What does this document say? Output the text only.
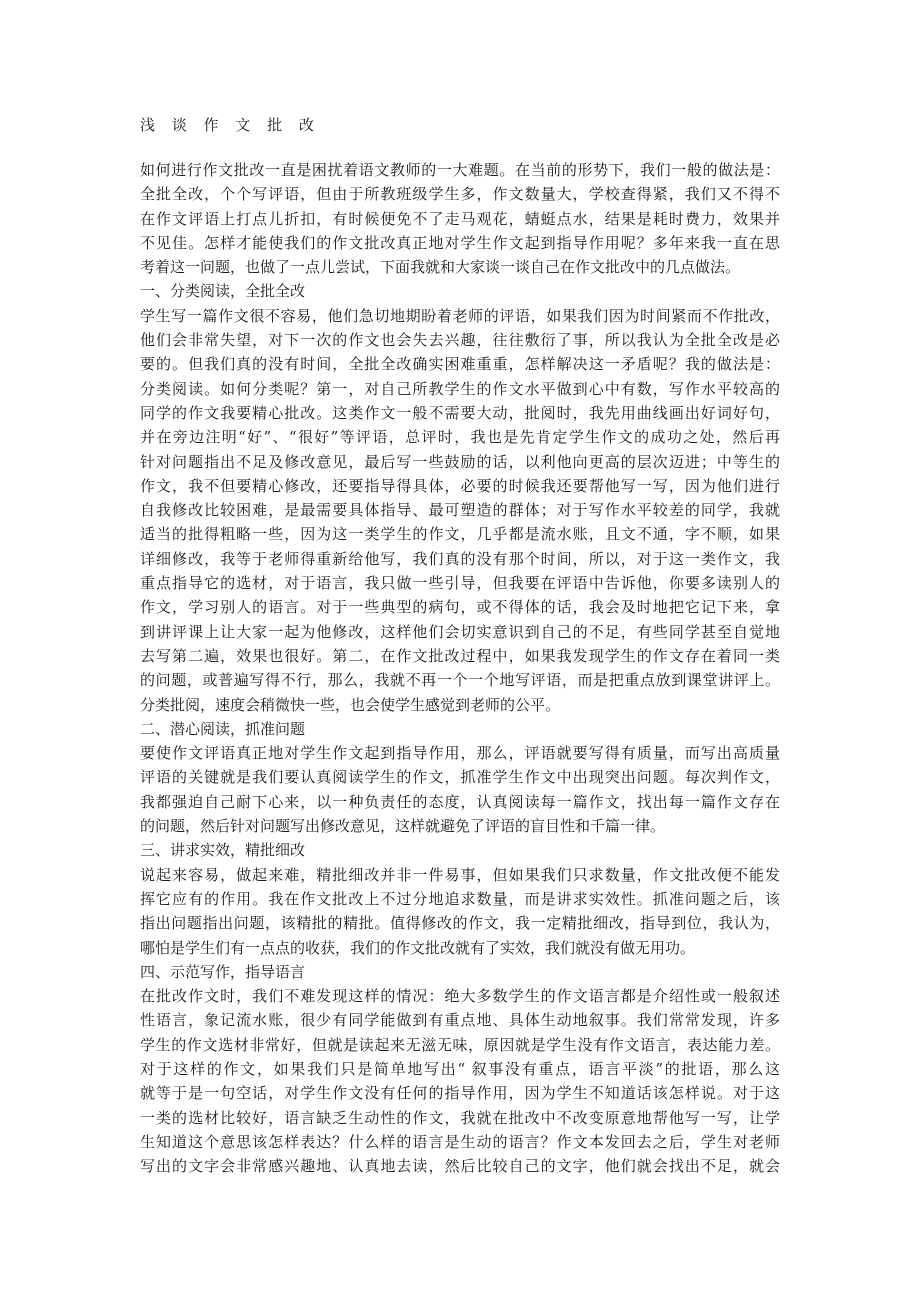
浅 谈 作 文 批 改
如何进行作文批改一直是困扰着语文教师的一大难题。在当前的形势下，我们一般的做法是：
全批全改，个个写评语，但由于所教班级学生多，作文数量大，学校查得紧，我们又不得不
在作文评语上打点儿折扣，有时候便免不了走马观花，蜻蜓点水，结果是耗时费力，效果并
不见佳。怎样才能使我们的作文批改真正地对学生作文起到指导作用呢？多年来我一直在思
考着这一问题，也做了一点儿尝试，下面我就和大家谈一谈自己在作文批改中的几点做法。
一、分类阅读，全批全改
学生写一篇作文很不容易，他们急切地期盼着老师的评语，如果我们因为时间紧而不作批改，
他们会非常失望，对下一次的作文也会失去兴趣，往往敷衍了事，所以我认为全批全改是必
要的。但我们真的没有时间，全批全改确实困难重重，怎样解决这一矛盾呢？我的做法是：
分类阅读。如何分类呢？第一，对自己所教学生的作文水平做到心中有数，写作水平较高的
同学的作文我要精心批改。这类作文一般不需要大动，批阅时，我先用曲线画出好词好句，
并在旁边注明“好”、“很好”等评语，总评时，我也是先肯定学生作文的成功之处，然后再
针对问题指出不足及修改意见，最后写一些鼓励的话，以利他向更高的层次迈进；中等生的
作文，我不但要精心修改，还要指导得具体，必要的时候我还要帮他写一写，因为他们进行
自我修改比较困难，是最需要具体指导、最可塑造的群体；对于写作水平较差的同学，我就
适当的批得粗略一些，因为这一类学生的作文，几乎都是流水账，且文不通，字不顺，如果
详细修改，我等于老师得重新给他写，我们真的没有那个时间，所以，对于这一类作文，我
重点指导它的选材，对于语言，我只做一些引导，但我要在评语中告诉他，你要多读别人的
作文，学习别人的语言。对于一些典型的病句，或不得体的话，我会及时地把它记下来，拿
到讲评课上让大家一起为他修改，这样他们会切实意识到自己的不足，有些同学甚至自觉地
去写第二遍，效果也很好。第二，在作文批改过程中，如果我发现学生的作文存在着同一类
的问题，或普遍写得不行，那么，我就不再一个一个地写评语，而是把重点放到课堂讲评上。
分类批阅，速度会稍微快一些，也会使学生感觉到老师的公平。
二、潜心阅读，抓准问题
要使作文评语真正地对学生作文起到指导作用，那么，评语就要写得有质量，而写出高质量
评语的关键就是我们要认真阅读学生的作文，抓准学生作文中出现突出问题。每次判作文，
我都强迫自己耐下心来，以一种负责任的态度，认真阅读每一篇作文，找出每一篇作文存在
的问题，然后针对问题写出修改意见，这样就避免了评语的盲目性和千篇一律。
三、讲求实效，精批细改
说起来容易，做起来难，精批细改并非一件易事，但如果我们只求数量，作文批改便不能发
挥它应有的作用。我在作文批改上不过分地追求数量，而是讲求实效性。抓准问题之后，该
指出问题指出问题，该精批的精批。值得修改的作文，我一定精批细改，指导到位，我认为，
哪怕是学生们有一点点的收获，我们的作文批改就有了实效，我们就没有做无用功。
四、示范写作，指导语言
在批改作文时，我们不难发现这样的情况：绝大多数学生的作文语言都是介绍性或一般叙述
性语言，象记流水账，很少有同学能做到有重点地、具体生动地叙事。我们常常发现，许多
学生的作文选材非常好，但就是读起来无滋无味，原因就是学生没有作文语言，表达能力差。
对于这样的作文，如果我们只是简单地写出“ 叙事没有重点，语言平淡”的批语，那么这
就等于是一句空话，对学生作文没有任何的指导作用，因为学生不知道话该怎样说。对于这
一类的选材比较好，语言缺乏生动性的作文，我就在批改中不改变原意地帮他写一写，让学
生知道这个意思该怎样表达？什么样的语言是生动的语言？作文本发回去之后，学生对老师
写出的文字会非常感兴趣地、认真地去读，然后比较自己的文字，他们就会找出不足，就会
